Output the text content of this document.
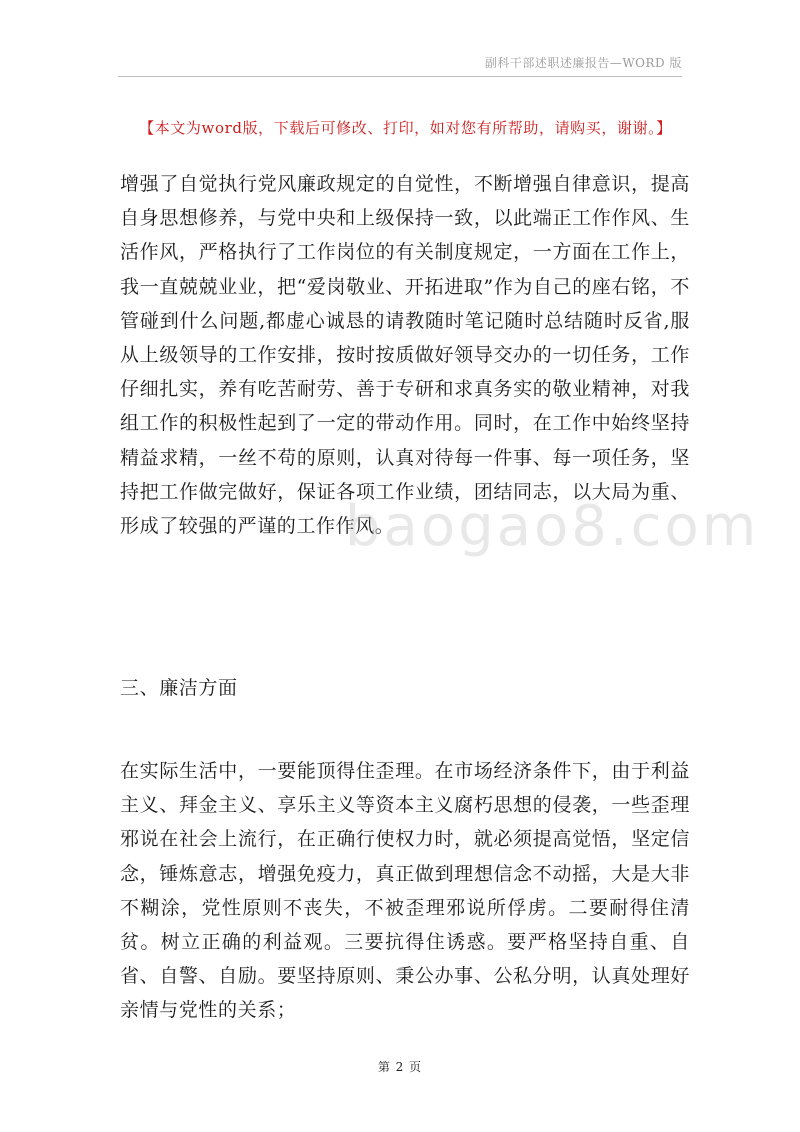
副科干部述职述廉报告—WORD 版
【本文为word版，下载后可修改、打印，如对您有所帮助，请购买，谢谢。】
增强了自觉执行党风廉政规定的自觉性，不断增强自律意识，提高自身思想修养，与党中央和上级保持一致，以此端正工作作风、生活作风，严格执行了工作岗位的有关制度规定，一方面在工作上，我一直兢兢业业，把“爱岗敬业、开拓进取”作为自己的座右铭，不管碰到什么问题,都虚心诚恳的请教随时笔记随时总结随时反省,服从上级领导的工作安排，按时按质做好领导交办的一切任务，工作仔细扎实，养有吃苦耐劳、善于专研和求真务实的敬业精神，对我组工作的积极性起到了一定的带动作用。同时，在工作中始终坚持精益求精，一丝不苟的原则，认真对待每一件事、每一项任务，坚持把工作做完做好，保证各项工作业绩，团结同志，以大局为重、形成了较强的严谨的工作作风。
三、廉洁方面
在实际生活中，一要能顶得住歪理。在市场经济条件下，由于利益主义、拜金主义、享乐主义等资本主义腐朽思想的侵袭，一些歪理邪说在社会上流行，在正确行使权力时，就必须提高觉悟，坚定信念，锤炼意志，增强免疫力，真正做到理想信念不动摇，大是大非不糊涂，党性原则不丧失，不被歪理邪说所俘虏。二要耐得住清贫。树立正确的利益观。三要抗得住诱惑。要严格坚持自重、自省、自警、自励。要坚持原则、秉公办事、公私分明，认真处理好亲情与党性的关系；
baogao8.com
第 2 页
